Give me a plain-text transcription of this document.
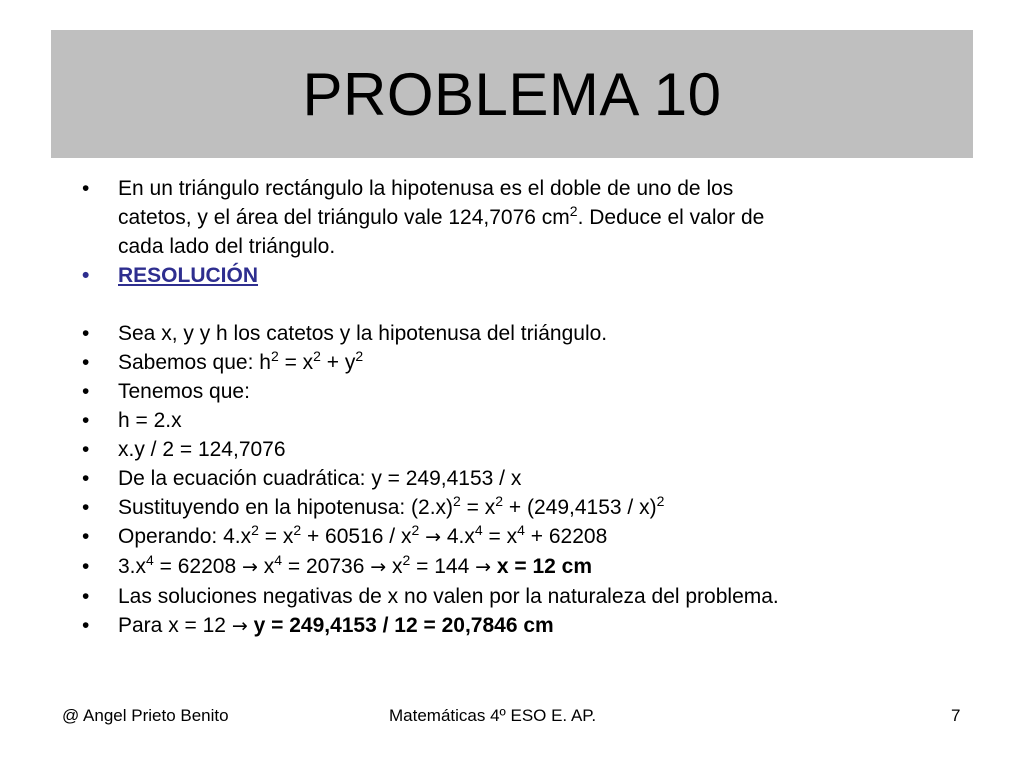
PROBLEMA 10
• En un triángulo rectángulo la hipotenusa es el doble de uno de los
catetos, y el área del triángulo vale 124,7076 $cm^2$. Deduce el valor de
cada lado del triángulo.
• RESOLUCIÓN
• Sea x, y y h los catetos y la hipotenusa del triángulo.
• Sabemos que: $h^2 = x^2 + y^2$
• Tenemos que:
• h = 2.x
• x.y / 2 = 124,7076
• De la ecuación cuadrática: y = 249,4153 / x
• Sustituyendo en la hipotenusa: $(2.x)^2 = x^2 + (249,4153 / x)^2$
• Operando: $4.x^2 = x^2 + 60516 / x^2 \to 4.x^4 = x^4 + 62208$
• $3.x^4 = 62208 \to x^4 = 20736 \to x^2 = 144 \to x = 12$ cm
• Las soluciones negativas de x no valen por la naturaleza del problema.
• Para x = 12 → y = 249,4153 / 12 = 20,7846 cm
@ Angel Prieto Benito	Matemáticas 4º ESO E. AP.	7
